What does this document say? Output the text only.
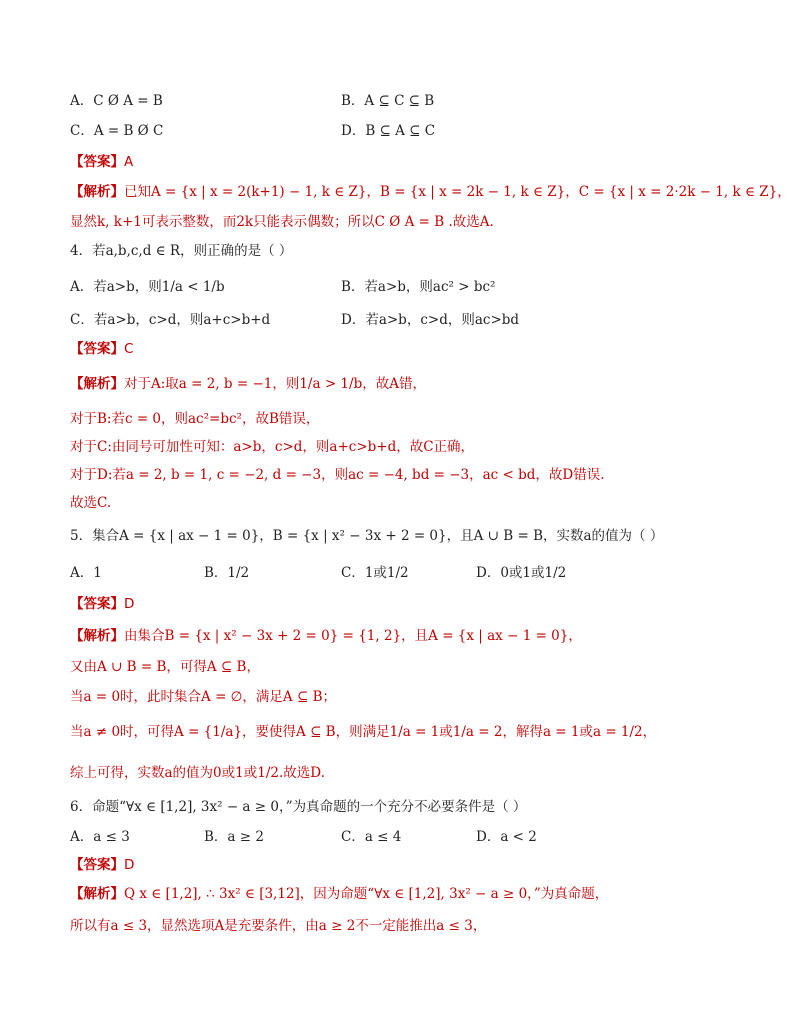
A．C Ø A = B	B．A ⊆ C ⊆ B
C．A = B Ø C	D．B ⊆ A ⊆ C
【答案】A
【解析】已知A = {x | x = 2(k+1) − 1, k ∈ Z}，B = {x | x = 2k − 1, k ∈ Z}，C = {x | x = 2·2k − 1, k ∈ Z}，
显然k, k+1可表示整数，而2k只能表示偶数；所以C Ø A = B .故选A.
4．若a,b,c,d ∈ R，则正确的是（ ）
A．若a>b，则1/a < 1/b	B．若a>b，则ac² > bc²
C．若a>b，c>d，则a+c>b+d	D．若a>b，c>d，则ac>bd
【答案】C
【解析】对于A:取a = 2, b = −1，则1/a > 1/b，故A错，
对于B:若c = 0，则ac²=bc²，故B错误，
对于C:由同号可加性可知：a>b，c>d，则a+c>b+d，故C正确，
对于D:若a = 2, b = 1, c = −2, d = −3，则ac = −4, bd = −3，ac < bd，故D错误.
故选C.
5．集合A = {x | ax − 1 = 0}，B = {x | x² − 3x + 2 = 0}，且A ∪ B = B，实数a的值为（ ）
A．1	B．1/2	C．1或1/2	D．0或1或1/2
【答案】D
【解析】由集合B = {x | x² − 3x + 2 = 0} = {1, 2}，且A = {x | ax − 1 = 0}，
又由A ∪ B = B，可得A ⊆ B，
当a = 0时，此时集合A = ∅，满足A ⊆ B；
当a ≠ 0时，可得A = {1/a}，要使得A ⊆ B，则满足1/a = 1或1/a = 2，解得a = 1或a = 1/2，
综上可得，实数a的值为0或1或1/2.故选D.
6．命题“∀x ∈ [1,2], 3x² − a ≥ 0，”为真命题的一个充分不必要条件是（ ）
A．a ≤ 3	B．a ≥ 2	C．a ≤ 4	D．a < 2
【答案】D
【解析】Q x ∈ [1,2], ∴ 3x² ∈ [3,12]，因为命题“∀x ∈ [1,2], 3x² − a ≥ 0，”为真命题，
所以有a ≤ 3，显然选项A是充要条件，由a ≥ 2不一定能推出a ≤ 3，
